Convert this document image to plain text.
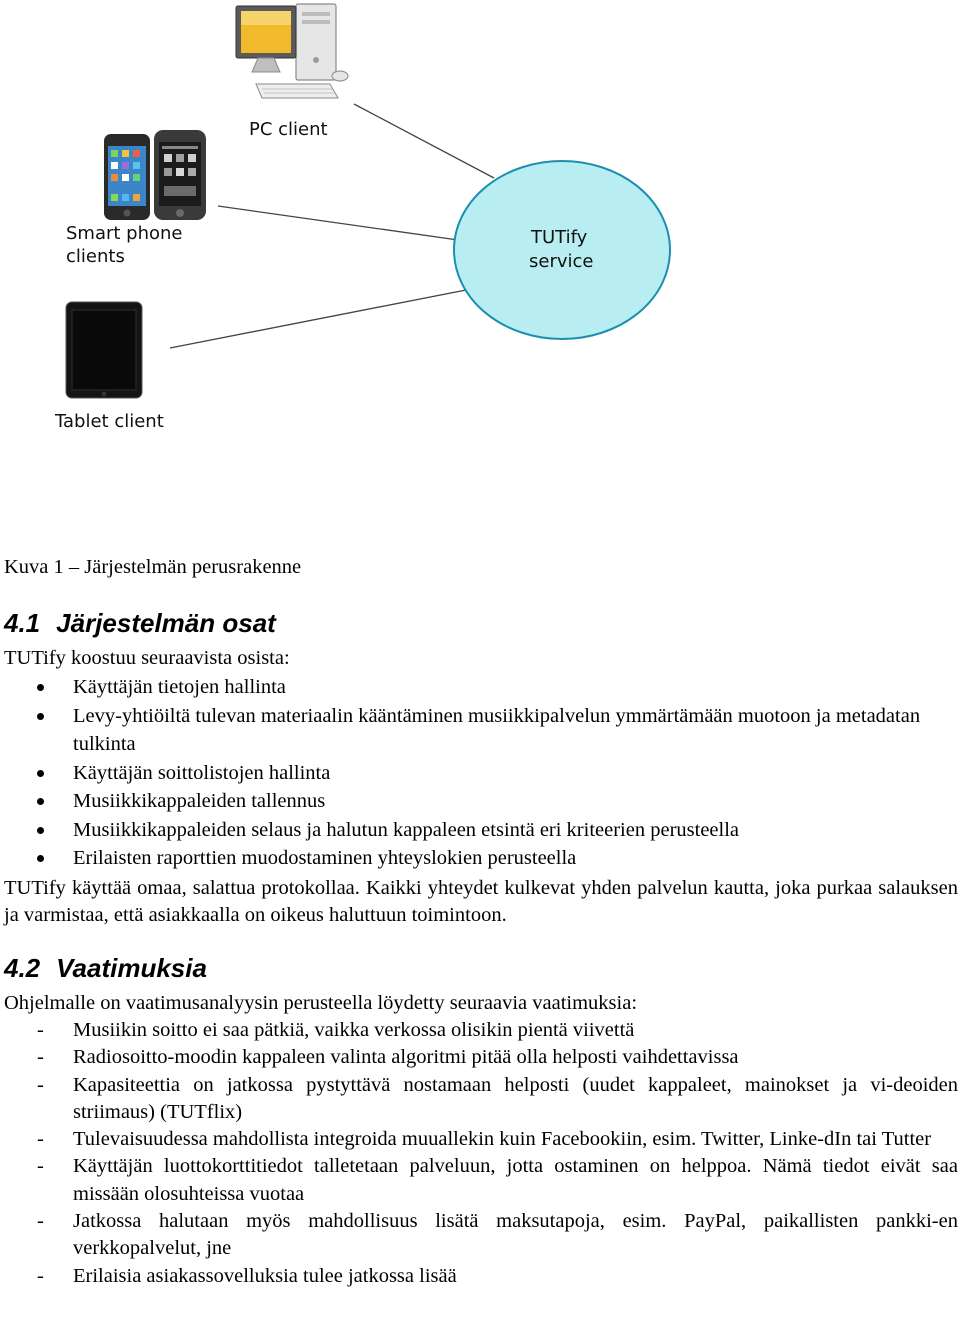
PC client
Smart phone
clients
Tablet client
TUTify
service
Kuva 1 – Järjestelmän perusrakenne
4.1 Järjestelmän osat
TUTify koostuu seuraavista osista:
Käyttäjän tietojen hallinta
Levy-yhtiöiltä tulevan materiaalin kääntäminen musiikkipalvelun ymmärtämään muotoon ja metadatan tulkinta
Käyttäjän soittolistojen hallinta
Musiikkikappaleiden tallennus
Musiikkikappaleiden selaus ja halutun kappaleen etsintä eri kriteerien perusteella
Erilaisten raporttien muodostaminen yhteyslokien perusteella
TUTify käyttää omaa, salattua protokollaa. Kaikki yhteydet kulkevat yhden palvelun kautta, joka purkaa salauksen ja varmistaa, että asiakkaalla on oikeus haluttuun toimintoon.
4.2 Vaatimuksia
Ohjelmalle on vaatimusanalyysin perusteella löydetty seuraavia vaatimuksia:
- Musiikin soitto ei saa pätkiä, vaikka verkossa olisikin pientä viivettä
- Radiosoitto-moodin kappaleen valinta algoritmi pitää olla helposti vaihdettavissa
- Kapasiteettia on jatkossa pystyttävä nostamaan helposti (uudet kappaleet, mainokset ja vi-deoiden striimaus) (TUTflix)
- Tulevaisuudessa mahdollista integroida muuallekin kuin Facebookiin, esim. Twitter, Linke-dIn tai Tutter
- Käyttäjän luottokorttitiedot talletetaan palveluun, jotta ostaminen on helppoa. Nämä tiedot eivät saa missään olosuhteissa vuotaa
- Jatkossa halutaan myös mahdollisuus lisätä maksutapoja, esim. PayPal, paikallisten pankki-en verkkopalvelut, jne
- Erilaisia asiakassovelluksia tulee jatkossa lisää
